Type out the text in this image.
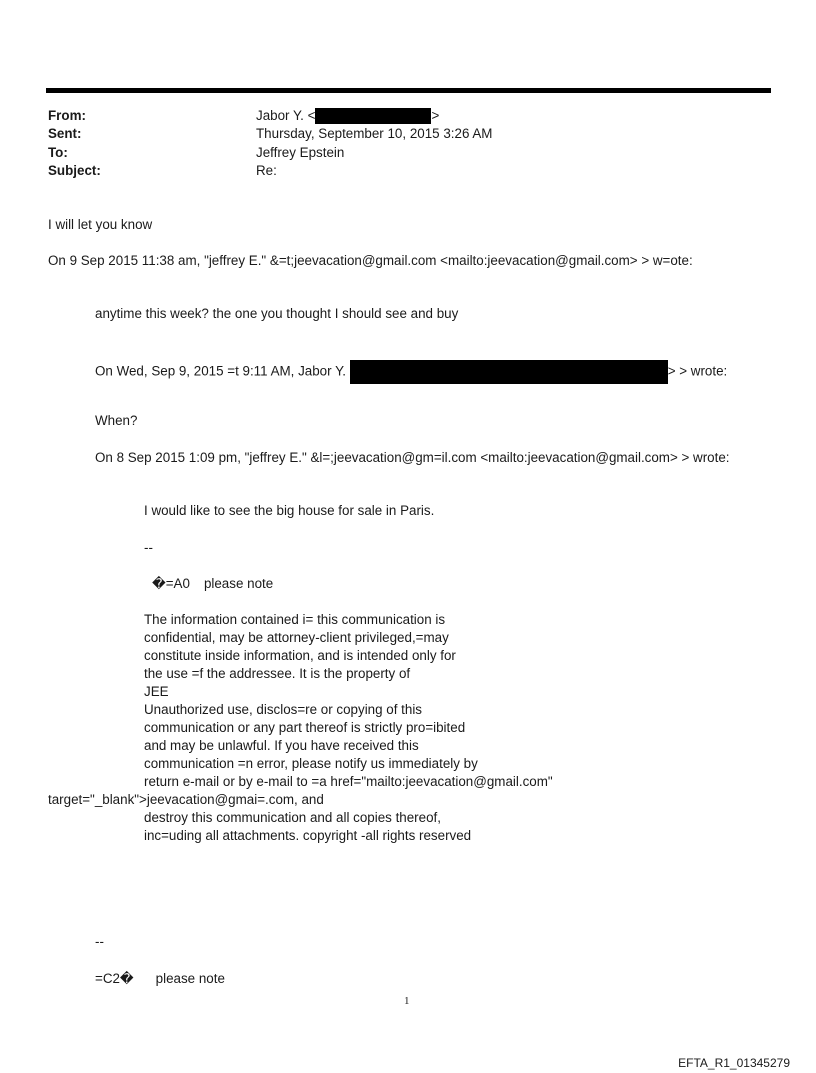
From:	Jabor Y. <	>
Sent:	Thursday, September 10, 2015 3:26 AM
To:	Jeffrey Epstein
Subject:	Re:
I will let you know
On 9 Sep 2015 11:38 am, "jeffrey E." &=t;jeevacation@gmail.com <mailto:jeevacation@gmail.com> > w=ote:
anytime this week? the one you thought I should see and buy
On Wed, Sep 9, 2015 =t 9:11 AM, Jabor Y.	> > wrote:
When?
On 8 Sep 2015 1:09 pm, "jeffrey E." &l=;jeevacation@gm=il.com <mailto:jeevacation@gmail.com> > wrote:
I would like to see the big house for sale in Paris.
--
�=A0 please note
The information contained i= this communication is
confidential, may be attorney-client privileged,=may
constitute inside information, and is intended only for
the use =f the addressee. It is the property of
JEE
Unauthorized use, disclos=re or copying of this
communication or any part thereof is strictly pro=ibited
and may be unlawful. If you have received this
communication =n error, please notify us immediately by
return e-mail or by e-mail to =a href="mailto:jeevacation@gmail.com"
target="_blank">jeevacation@gmai=.com, and
destroy this communication and all copies thereof,
inc=uding all attachments. copyright -all rights reserved
--
=C2� please note
1
EFTA_R1_01345279
